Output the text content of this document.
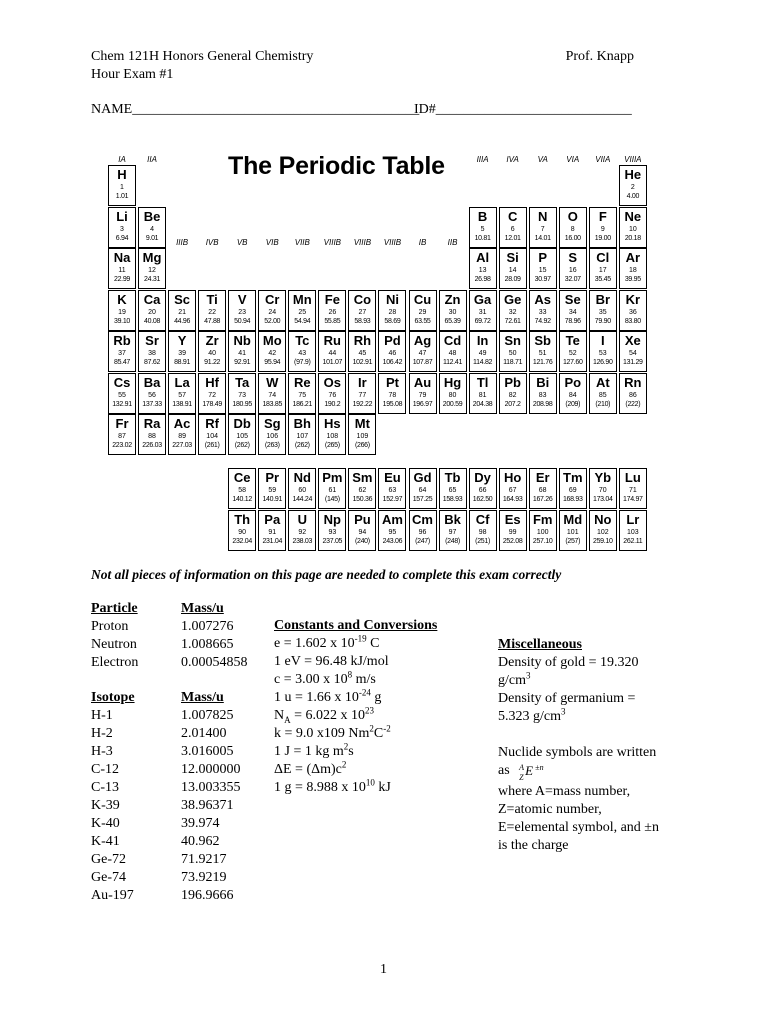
Chem 121H Honors General Chemistry
Hour Exam #1
Prof. Knapp
NAME_________________________________________
ID#____________________________
The Periodic Table
H
1
1.01
He
2
4.00
Li
3
6.94
Be
4
9.01
B
5
10.81
C
6
12.01
N
7
14.01
O
8
16.00
F
9
19.00
Ne
10
20.18
Na
11
22.99
Mg
12
24.31
Al
13
26.98
Si
14
28.09
P
15
30.97
S
16
32.07
Cl
17
35.45
Ar
18
39.95
K
19
39.10
Ca
20
40.08
Sc
21
44.96
Ti
22
47.88
V
23
50.94
Cr
24
52.00
Mn
25
54.94
Fe
26
55.85
Co
27
58.93
Ni
28
58.69
Cu
29
63.55
Zn
30
65.39
Ga
31
69.72
Ge
32
72.61
As
33
74.92
Se
34
78.96
Br
35
79.90
Kr
36
83.80
Rb
37
85.47
Sr
38
87.62
Y
39
88.91
Zr
40
91.22
Nb
41
92.91
Mo
42
95.94
Tc
43
(97.9)
Ru
44
101.07
Rh
45
102.91
Pd
46
106.42
Ag
47
107.87
Cd
48
112.41
In
49
114.82
Sn
50
118.71
Sb
51
121.76
Te
52
127.60
I
53
126.90
Xe
54
131.29
Cs
55
132.91
Ba
56
137.33
La
57
138.91
Hf
72
178.49
Ta
73
180.95
W
74
183.85
Re
75
186.21
Os
76
190.2
Ir
77
192.22
Pt
78
195.08
Au
79
196.97
Hg
80
200.59
Tl
81
204.38
Pb
82
207.2
Bi
83
208.98
Po
84
(209)
At
85
(210)
Rn
86
(222)
Fr
87
223.02
Ra
88
226.03
Ac
89
227.03
Rf
104
(261)
Db
105
(262)
Sg
106
(263)
Bh
107
(262)
Hs
108
(265)
Mt
109
(266)
Ce
58
140.12
Pr
59
140.91
Nd
60
144.24
Pm
61
(145)
Sm
62
150.36
Eu
63
152.97
Gd
64
157.25
Tb
65
158.93
Dy
66
162.50
Ho
67
164.93
Er
68
167.26
Tm
69
168.93
Yb
70
173.04
Lu
71
174.97
Th
90
232.04
Pa
91
231.04
U
92
238.03
Np
93
237.05
Pu
94
(240)
Am
95
243.06
Cm
96
(247)
Bk
97
(248)
Cf
98
(251)
Es
99
252.08
Fm
100
257.10
Md
101
(257)
No
102
259.10
Lr
103
262.11
IA	IIA
IIIB	IVB	VB	VIB	VIIB	VIIIB	VIIIB	VIIIB	IB	IIB
IIIA	IVA	VA	VIA	VIIA	VIIIA
Not all pieces of information on this page are needed to complete this exam correctly
Particle	Mass/u
Proton	1.007276
Neutron	1.008665
Electron	0.00054858
Isotope	Mass/u
H-1	1.007825
H-2	2.01400
H-3	3.016005
C-12	12.000000
C-13	13.003355
K-39	38.96371
K-40	39.974
K-41	40.962
Ge-72	71.9217
Ge-74	73.9219
Au-197	196.9666
Constants and Conversions
e = 1.602 x $10^{-19}$ C
1 eV = 96.48 kJ/mol
c = 3.00 x $10^8$ m/s
1 u = 1.66 x $10^{-24}$ g
$N_A = 6.022$ x $10^{23}$
k = 9.0 x109 $Nm^2C^{-2}$
1 J = 1 kg $m^2s$
$\Delta E = (\Delta m)c^2$
1 g = 8.988 x $10^{10}$ kJ
Miscellaneous
Density of gold = 19.320
$g/cm^3$
Density of germanium =
5.323 $g/cm^3$
Nuclide symbols are written
as A
Z E ±n
where A=mass number,
Z=atomic number,
E=elemental symbol, and ±n
is the charge
1
